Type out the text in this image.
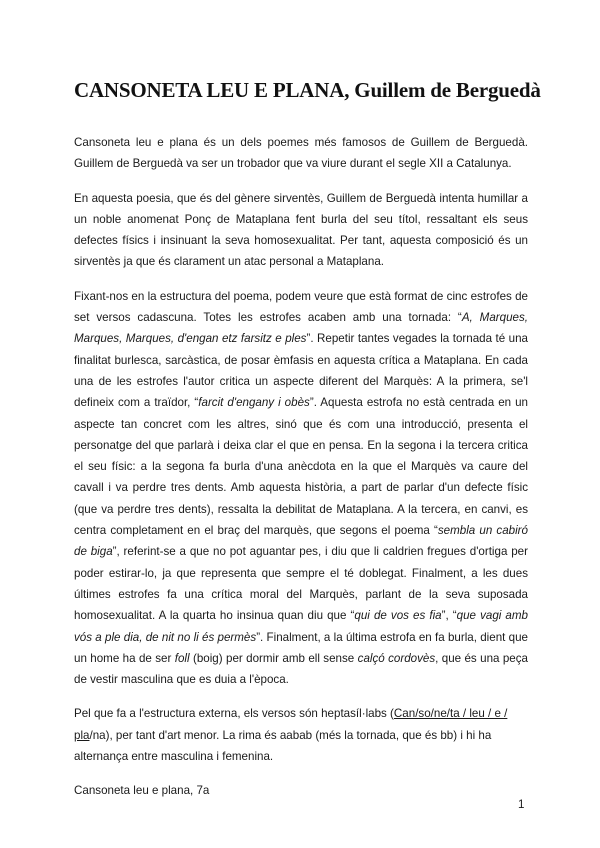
CANSONETA LEU E PLANA, Guillem de Berguedà

Cansoneta leu e plana és un dels poemes més famosos de Guillem de Berguedà. Guillem de Berguedà va ser un trobador que va viure durant el segle XII a Catalunya.

En aquesta poesia, que és del gènere sirventès, Guillem de Berguedà intenta humillar a un noble anomenat Ponç de Mataplana fent burla del seu títol, ressaltant els seus defectes físics i insinuant la seva homosexualitat. Per tant, aquesta composició és un sirventès ja que és clarament un atac personal a Mataplana.

Fixant-nos en la estructura del poema, podem veure que està format de cinc estrofes de set versos cadascuna. Totes les estrofes acaben amb una tornada: “A, Marques, Marques, Marques, d'engan etz farsitz e ples”. Repetir tantes vegades la tornada té una finalitat burlesca, sarcàstica, de posar èmfasis en aquesta crítica a Mataplana. En cada una de les estrofes l'autor critica un aspecte diferent del Marquès: A la primera, se'l defineix com a traïdor, “farcit d'engany i obès”. Aquesta estrofa no està centrada en un aspecte tan concret com les altres, sinó que és com una introducció, presenta el personatge del que parlarà i deixa clar el que en pensa. En la segona i la tercera critica el seu físic: a la segona fa burla d'una anècdota en la que el Marquès va caure del cavall i va perdre tres dents. Amb aquesta història, a part de parlar d'un defecte físic (que va perdre tres dents), ressalta la debilitat de Mataplana. A la tercera, en canvi, es centra completament en el braç del marquès, que segons el poema “sembla un cabiró de biga”, referint-se a que no pot aguantar pes, i diu que li caldrien fregues d'ortiga per poder estirar-lo, ja que representa que sempre el té doblegat. Finalment, a les dues últimes estrofes fa una crítica moral del Marquès, parlant de la seva suposada homosexualitat. A la quarta ho insinua quan diu que “qui de vos es fia”, “que vagi amb vós a ple dia, de nit no li és permès”. Finalment, a la última estrofa en fa burla, dient que un home ha de ser foll (boig) per dormir amb ell sense calçó cordovès, que és una peça de vestir masculina que es duia a l'època.

Pel que fa a l'estructura externa, els versos són heptasíl·labs (Can/so/ne/ta / leu / e / pla/na), per tant d'art menor. La rima és aabab (més la tornada, que és bb) i hi ha alternança entre masculina i femenina.

Cansoneta leu e plana, 7a

1
